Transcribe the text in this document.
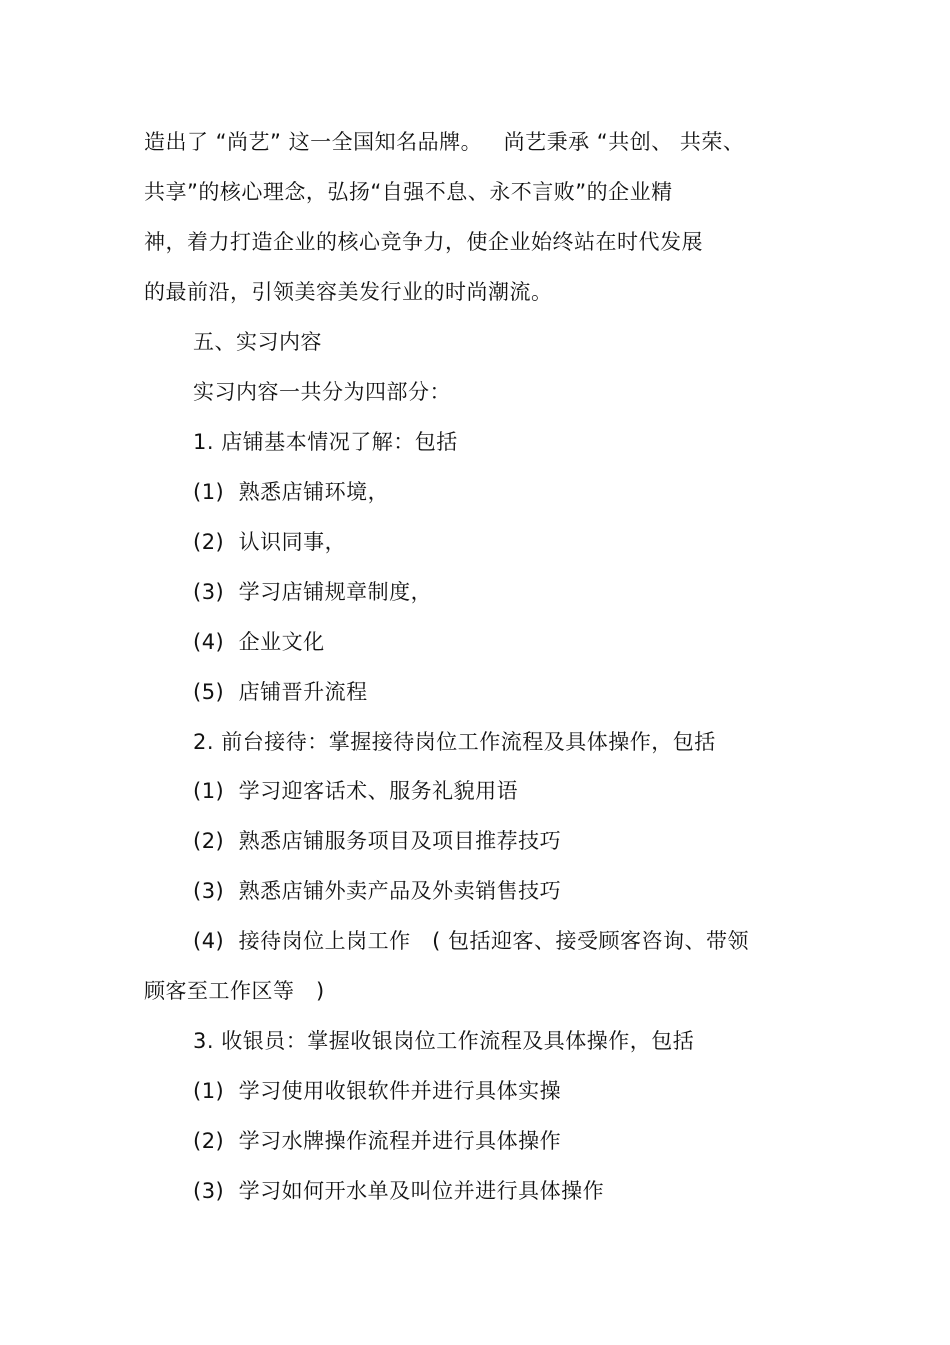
造出了 “尚艺” 这一全国知名品牌。   尚艺秉承 “共创、 共荣、
共享”的核心理念，弘扬“自强不息、永不言败”的企业精
神，着力打造企业的核心竞争力，使企业始终站在时代发展
的最前沿，引领美容美发行业的时尚潮流。
五、实习内容
实习内容一共分为四部分：
1. 店铺基本情况了解：包括
(1)  熟悉店铺环境，
(2)  认识同事，
(3)  学习店铺规章制度，
(4)  企业文化
(5)  店铺晋升流程
2. 前台接待：掌握接待岗位工作流程及具体操作，包括
(1)  学习迎客话术、服务礼貌用语
(2)  熟悉店铺服务项目及项目推荐技巧
(3)  熟悉店铺外卖产品及外卖销售技巧
(4)  接待岗位上岗工作   ( 包括迎客、接受顾客咨询、带领
顾客至工作区等   )
3. 收银员：掌握收银岗位工作流程及具体操作，包括
(1)  学习使用收银软件并进行具体实操
(2)  学习水牌操作流程并进行具体操作
(3)  学习如何开水单及叫位并进行具体操作
